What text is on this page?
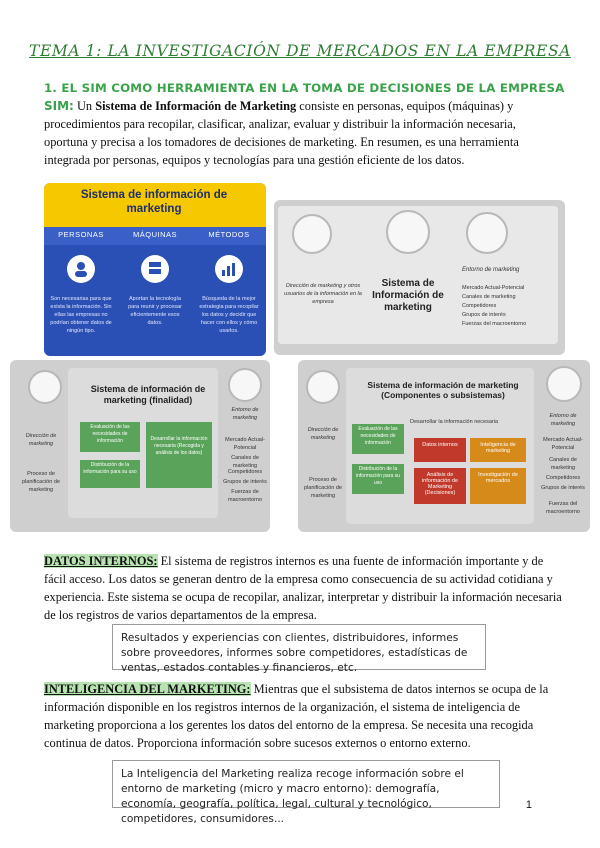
TEMA 1: LA INVESTIGACIÓN DE MERCADOS EN LA EMPRESA
1. EL SIM COMO HERRAMIENTA EN LA TOMA DE DECISIONES DE LA EMPRESA

SIM: Un Sistema de Información de Marketing consiste en personas, equipos (máquinas) y procedimientos para recopilar, clasificar, analizar, evaluar y distribuir la información necesaria, oportuna y precisa a los tomadores de decisiones de marketing. En resumen, es una herramienta integrada por personas, equipos y tecnologías para una gestión eficiente de los datos.

Sistema de información de marketing
PERSONAS	MÁQUINAS	MÉTODOS
Son necesarias para que exista la información. Sin ellas las empresas no podrían obtener datos de ningún tipo.
Aportan la tecnología para reunir y procesar eficientemente esos datos.
Búsqueda de la mejor estrategia para recopilar los datos y decidir que hacer con ellos y cómo usarlos.
Dirección de marketing y otros usuarios de la información en la empresa
Sistema de Información de marketing
Entorno de marketing
Mercado Actual-Potencial
Canales de marketing
Competidores
Grupos de interés
Fuerzas del macroentorno
Sistema de información de marketing (finalidad)
Dirección de marketing
Proceso de planificación de marketing
Evaluación de las necesidades de información
Distribución de la información para su uso
Desarrollar la información necesaria (Recogida y análisis de los datos)
Entorno de marketing
Mercado Actual-Potencial
Canales de marketing
Competidores
Grupos de interés
Fuerzas de macroentorno
Sistema de información de marketing (Componentes o subsistemas)
Dirección de marketing
Proceso de planificación de marketing
Evaluación de las necesidades de información
Distribución de la información para su uso
Desarrollar la información necesaria
Datos internos
Análisis de información de Marketing (Decisiones)
Inteligencia de marketing
Investigación de mercados
Entorno de marketing
Mercado Actual-Potencial
Canales de marketing
Competidores
Grupos de interés
Fuerzas del macroentorno

DATOS INTERNOS: El sistema de registros internos es una fuente de información importante y de fácil acceso. Los datos se generan dentro de la empresa como consecuencia de su actividad cotidiana y experiencia. Este sistema se ocupa de recopilar, analizar, interpretar y distribuir la información necesaria de los registros de varios departamentos de la empresa.

Resultados y experiencias con clientes, distribuidores, informes sobre proveedores, informes sobre competidores, estadísticas de ventas, estados contables y financieros, etc.

INTELIGENCIA DEL MARKETING: Mientras que el subsistema de datos internos se ocupa de la información disponible en los registros internos de la organización, el sistema de inteligencia de marketing proporciona a los gerentes los datos del entorno de la empresa. Se necesita una recogida continua de datos. Proporciona información sobre sucesos externos o entorno externo.

La Inteligencia del Marketing realiza recoge información sobre el entorno de marketing (micro y macro entorno): demografía, economía, geografía, política, legal, cultural y tecnológico, competidores, consumidores...
1
